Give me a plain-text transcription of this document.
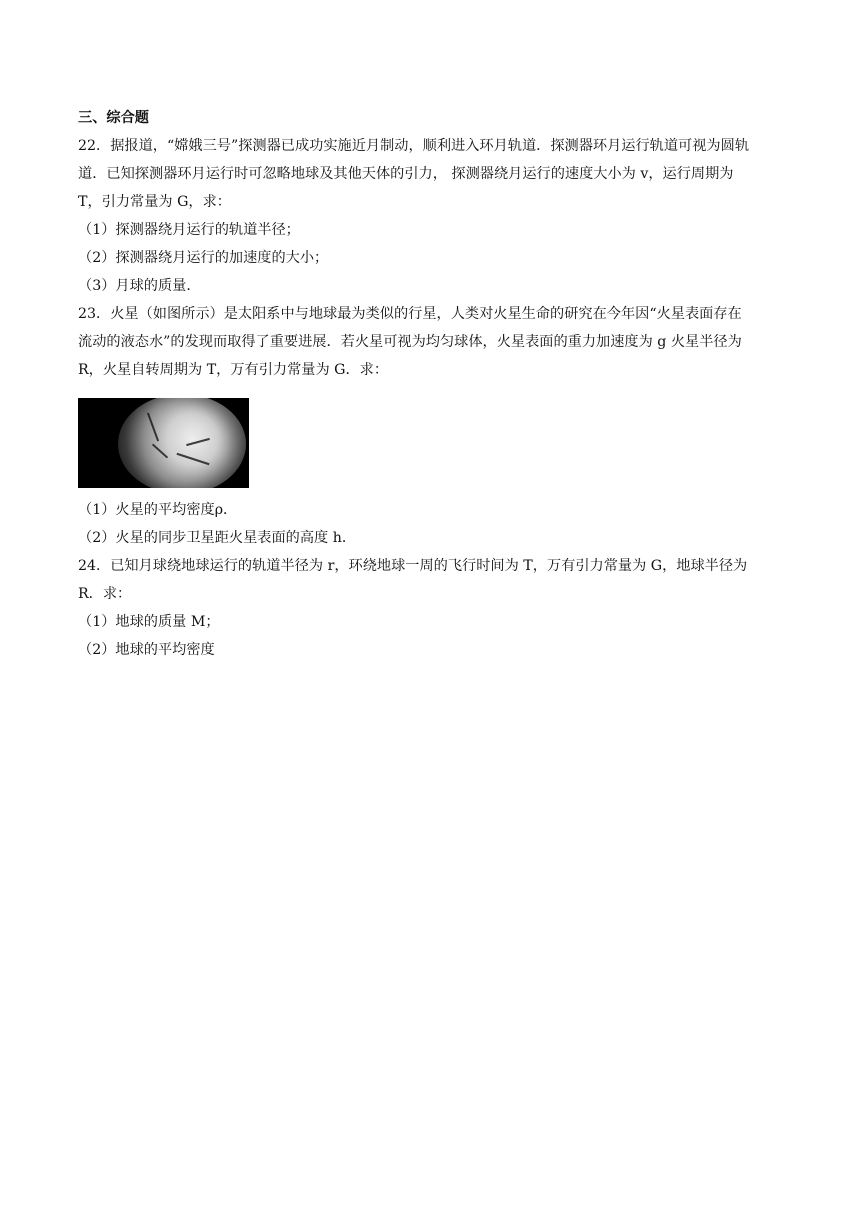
三、综合题
22．据报道，“嫦娥三号”探测器已成功实施近月制动，顺利进入环月轨道．探测器环月运行轨道可视为圆轨
道．已知探测器环月运行时可忽略地球及其他天体的引力， 探测器绕月运行的速度大小为 v，运行周期为
T，引力常量为 G，求：
（1）探测器绕月运行的轨道半径；
（2）探测器绕月运行的加速度的大小；
（3）月球的质量．
23．火星（如图所示）是太阳系中与地球最为类似的行星，人类对火星生命的研究在今年因“火星表面存在
流动的液态水”的发现而取得了重要进展．若火星可视为均匀球体，火星表面的重力加速度为 g 火星半径为
R，火星自转周期为 T，万有引力常量为 G．求：
（1）火星的平均密度ρ．
（2）火星的同步卫星距火星表面的高度 h．
24．已知月球绕地球运行的轨道半径为 r，环绕地球一周的飞行时间为 T，万有引力常量为 G，地球半径为
R．求：
（1）地球的质量 M；
（2）地球的平均密度
